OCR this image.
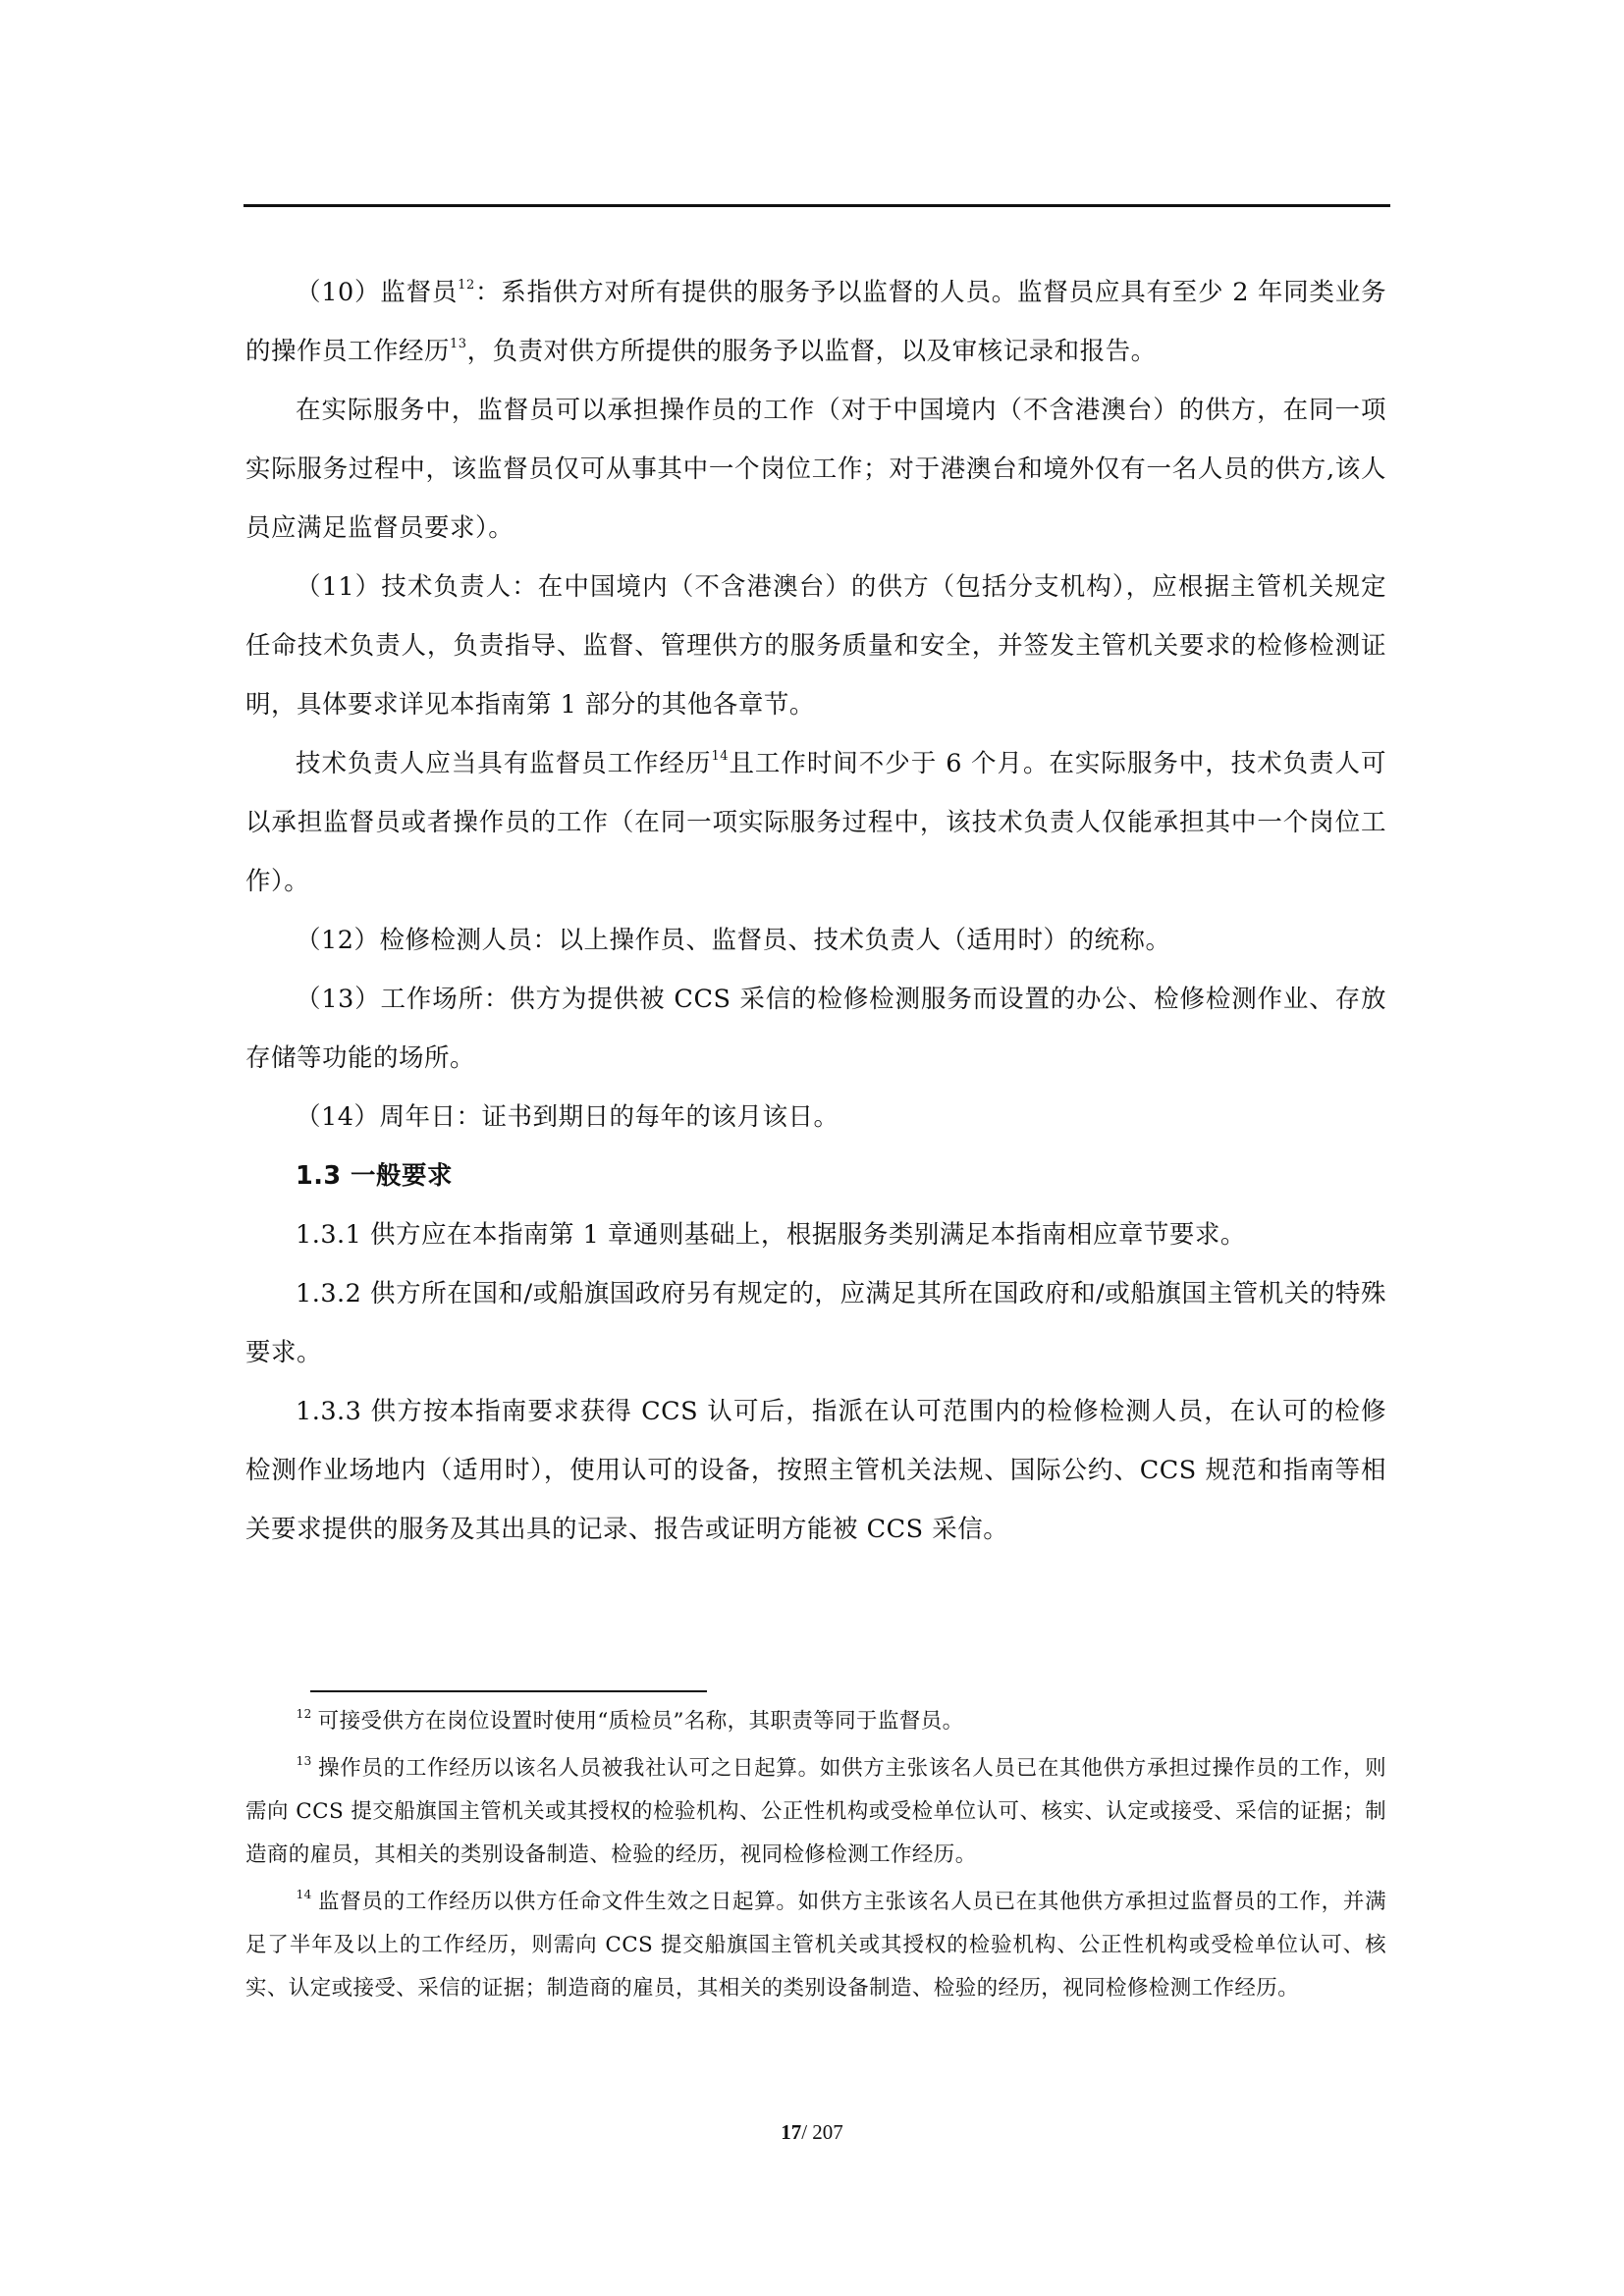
（10）监督员$^{12}$：系指供方对所有提供的服务予以监督的人员。监督员应具有至少 2 年同类业务的操作员工作经历$^{13}$，负责对供方所提供的服务予以监督，以及审核记录和报告。

在实际服务中，监督员可以承担操作员的工作（对于中国境内（不含港澳台）的供方，在同一项实际服务过程中，该监督员仅可从事其中一个岗位工作；对于港澳台和境外仅有一名人员的供方,该人员应满足监督员要求）。

（11）技术负责人：在中国境内（不含港澳台）的供方（包括分支机构），应根据主管机关规定任命技术负责人，负责指导、监督、管理供方的服务质量和安全，并签发主管机关要求的检修检测证明，具体要求详见本指南第 1 部分的其他各章节。

技术负责人应当具有监督员工作经历$^{14}$且工作时间不少于 6 个月。在实际服务中，技术负责人可以承担监督员或者操作员的工作（在同一项实际服务过程中，该技术负责人仅能承担其中一个岗位工作）。

（12）检修检测人员：以上操作员、监督员、技术负责人（适用时）的统称。

（13）工作场所：供方为提供被 CCS 采信的检修检测服务而设置的办公、检修检测作业、存放存储等功能的场所。

（14）周年日：证书到期日的每年的该月该日。

1.3 一般要求

1.3.1 供方应在本指南第 1 章通则基础上，根据服务类别满足本指南相应章节要求。

1.3.2 供方所在国和/或船旗国政府另有规定的，应满足其所在国政府和/或船旗国主管机关的特殊要求。

1.3.3 供方按本指南要求获得 CCS 认可后，指派在认可范围内的检修检测人员，在认可的检修检测作业场地内（适用时），使用认可的设备，按照主管机关法规、国际公约、CCS 规范和指南等相关要求提供的服务及其出具的记录、报告或证明方能被 CCS 采信。

$^{12}$ 可接受供方在岗位设置时使用“质检员”名称，其职责等同于监督员。

$^{13}$ 操作员的工作经历以该名人员被我社认可之日起算。如供方主张该名人员已在其他供方承担过操作员的工作，则需向 CCS 提交船旗国主管机关或其授权的检验机构、公正性机构或受检单位认可、核实、认定或接受、采信的证据；制造商的雇员，其相关的类别设备制造、检验的经历，视同检修检测工作经历。

$^{14}$ 监督员的工作经历以供方任命文件生效之日起算。如供方主张该名人员已在其他供方承担过监督员的工作，并满足了半年及以上的工作经历，则需向 CCS 提交船旗国主管机关或其授权的检验机构、公正性机构或受检单位认可、核实、认定或接受、采信的证据；制造商的雇员，其相关的类别设备制造、检验的经历，视同检修检测工作经历。

17/ 207
